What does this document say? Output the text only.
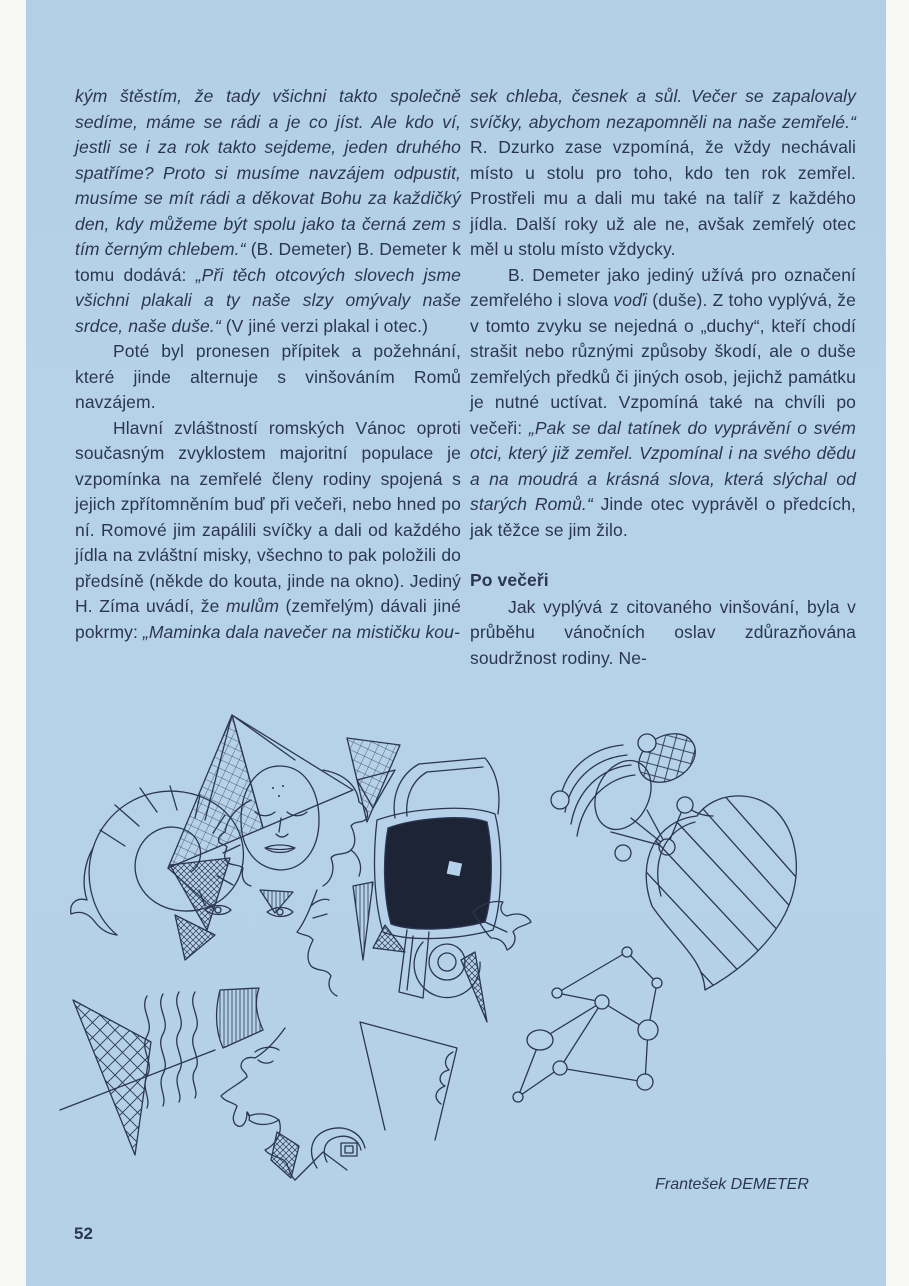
kým štěstím, že tady všichni takto společně sedíme, máme se rádi a je co jíst. Ale kdo ví, jestli se i za rok takto sejdeme, jeden druhého spatříme? Proto si musíme navzájem odpustit, musíme se mít rádi a děkovat Bohu za každičký den, kdy můžeme být spolu jako ta černá zem s tím černým chlebem.“ (B. Demeter) B. Demeter k tomu dodává: „Při těch otcových slovech jsme všichni plakali a ty naše slzy omývaly naše srdce, naše duše.“ (V jiné verzi plakal i otec.)

Poté byl pronesen přípitek a požehnání, které jinde alternuje s vinšováním Romů navzájem.

Hlavní zvláštností romských Vánoc oproti současným zvyklostem majoritní populace je vzpomínka na zemřelé členy rodiny spojená s jejich zpřítomněním buď při večeři, nebo hned po ní. Romové jim zapálili svíčky a dali od každého jídla na zvláštní misky, všechno to pak položili do předsíně (někde do kouta, jinde na okno). Jediný H. Zíma uvádí, že mulům (zemřelým) dávali jiné pokrmy: „Maminka dala navečer na mističku kou-

sek chleba, česnek a sůl. Večer se zapalovaly svíčky, abychom nezapomněli na naše zemřelé.“ R. Dzurko zase vzpomíná, že vždy nechávali místo u stolu pro toho, kdo ten rok zemřel. Prostřeli mu a dali mu také na talíř z každého jídla. Další roky už ale ne, avšak zemřelý otec měl u stolu místo vždycky.

B. Demeter jako jediný užívá pro označení zemřelého i slova voďi (duše). Z toho vyplývá, že v tomto zvyku se nejedná o „duchy“, kteří chodí strašit nebo různými způsoby škodí, ale o duše zemřelých předků či jiných osob, jejichž památku je nutné uctívat. Vzpomíná také na chvíli po večeři: „Pak se dal tatínek do vyprávění o svém otci, který již zemřel. Vzpomínal i na svého dědu a na moudrá a krásná slova, která slýchal od starých Romů.“ Jinde otec vyprávěl o předcích, jak těžce se jim žilo.

Po večeři

Jak vyplývá z citovaného vinšování, byla v průběhu vánočních oslav zdůrazňována soudržnost rodiny. Ne-

Frantešek DEMETER
52
